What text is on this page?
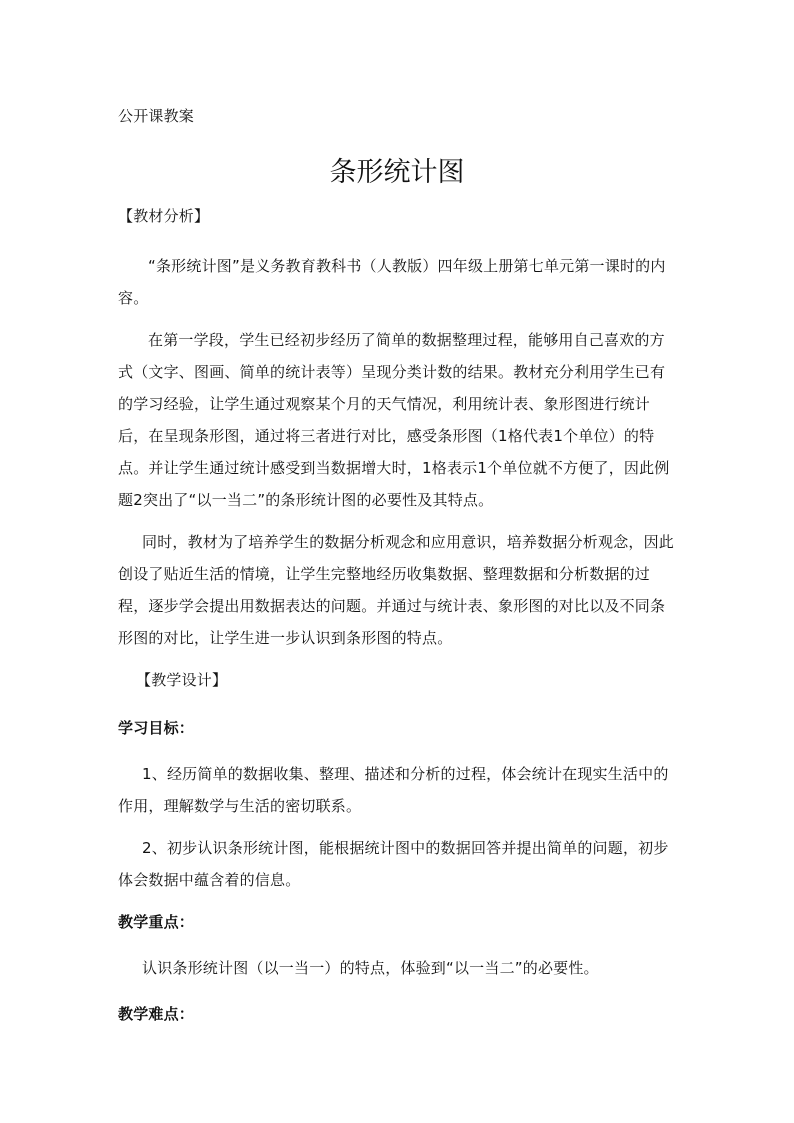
公开课教案

条形统计图

【教材分析】

“条形统计图”是义务教育教科书（人教版）四年级上册第七单元第一课时的内容。

在第一学段，学生已经初步经历了简单的数据整理过程，能够用自己喜欢的方式（文字、图画、简单的统计表等）呈现分类计数的结果。教材充分利用学生已有的学习经验，让学生通过观察某个月的天气情况，利用统计表、象形图进行统计后，在呈现条形图，通过将三者进行对比，感受条形图（1格代表1个单位）的特点。并让学生通过统计感受到当数据增大时，1格表示1个单位就不方便了，因此例题2突出了“以一当二”的条形统计图的必要性及其特点。

同时，教材为了培养学生的数据分析观念和应用意识，培养数据分析观念，因此创设了贴近生活的情境，让学生完整地经历收集数据、整理数据和分析数据的过程，逐步学会提出用数据表达的问题。并通过与统计表、象形图的对比以及不同条形图的对比，让学生进一步认识到条形图的特点。

【教学设计】

学习目标：

1、经历简单的数据收集、整理、描述和分析的过程，体会统计在现实生活中的作用，理解数学与生活的密切联系。

2、初步认识条形统计图，能根据统计图中的数据回答并提出简单的问题，初步体会数据中蕴含着的信息。

教学重点：

认识条形统计图（以一当一）的特点，体验到“以一当二”的必要性。

教学难点：
